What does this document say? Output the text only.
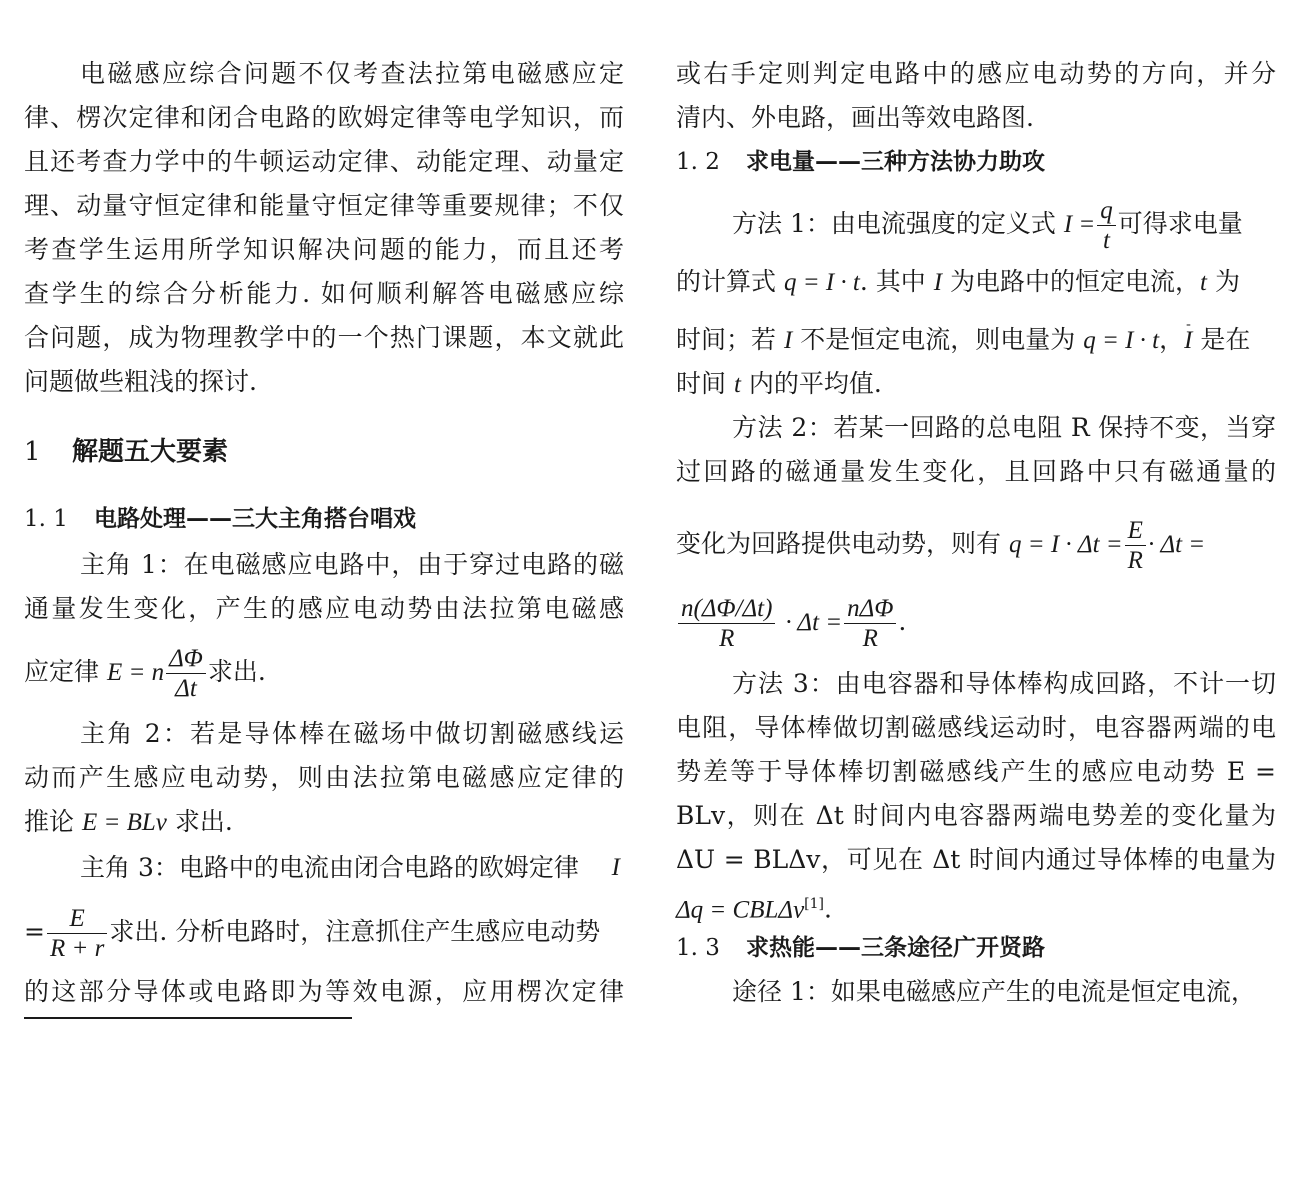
电磁感应综合问题不仅考查法拉第电磁感应定
律、楞次定律和闭合电路的欧姆定律等电学知识，而
且还考查力学中的牛顿运动定律、动能定理、动量定
理、动量守恒定律和能量守恒定律等重要规律；不仅
考查学生运用所学知识解决问题的能力，而且还考
查学生的综合分析能力. 如何顺利解答电磁感应综
合问题，成为物理教学中的一个热门课题，本文就此
问题做些粗浅的探讨.
1 解题五大要素
1. 1 电路处理——三大主角搭台唱戏
主角 1：在电磁感应电路中，由于穿过电路的磁
通量发生变化，产生的感应电动势由法拉第电磁感
应定律 E = n $\frac{\Delta\Phi}{\Delta t}$ 求出.
主角 2：若是导体棒在磁场中做切割磁感线运
动而产生感应电动势，则由法拉第电磁感应定律的
推论 E = BLv 求出.
主角 3：电路中的电流由闭合电路的欧姆定律 I
= $\frac{E}{R + r}$ 求出. 分析电路时，注意抓住产生感应电动势
的这部分导体或电路即为等效电源，应用楞次定律
或右手定则判定电路中的感应电动势的方向，并分
清内、外电路，画出等效电路图.
1. 2 求电量——三种方法协力助攻
方法 1：由电流强度的定义式 $I = \frac{q}{t}$ 可得求电量
的计算式 q = I · t. 其中 I 为电路中的恒定电流，t 为
时间；若 I 不是恒定电流，则电量为 q = I · t，- I 是在
时间 t 内的平均值.
方法 2：若某一回路的总电阻 R 保持不变，当穿
过回路的磁通量发生变化，且回路中只有磁通量的
变化为回路提供电动势，则有 $q = I \cdot \Delta t = \frac{E}{R} \cdot \Delta t$ =
$\frac{n(\Delta\Phi/\Delta t)}{R} \cdot \Delta t = \frac{\text{nΔΦ}}{R}$ .
方法 3：由电容器和导体棒构成回路，不计一切
电阻，导体棒做切割磁感线运动时，电容器两端的电
势差等于导体棒切割磁感线产生的感应电动势 E =
BLv，则在 Δt 时间内电容器两端电势差的变化量为
ΔU = BLΔv，可见在 Δt 时间内通过导体棒的电量为
Δq = CBLΔv[1].
1. 3 求热能——三条途径广开贤路
途径 1：如果电磁感应产生的电流是恒定电流，
